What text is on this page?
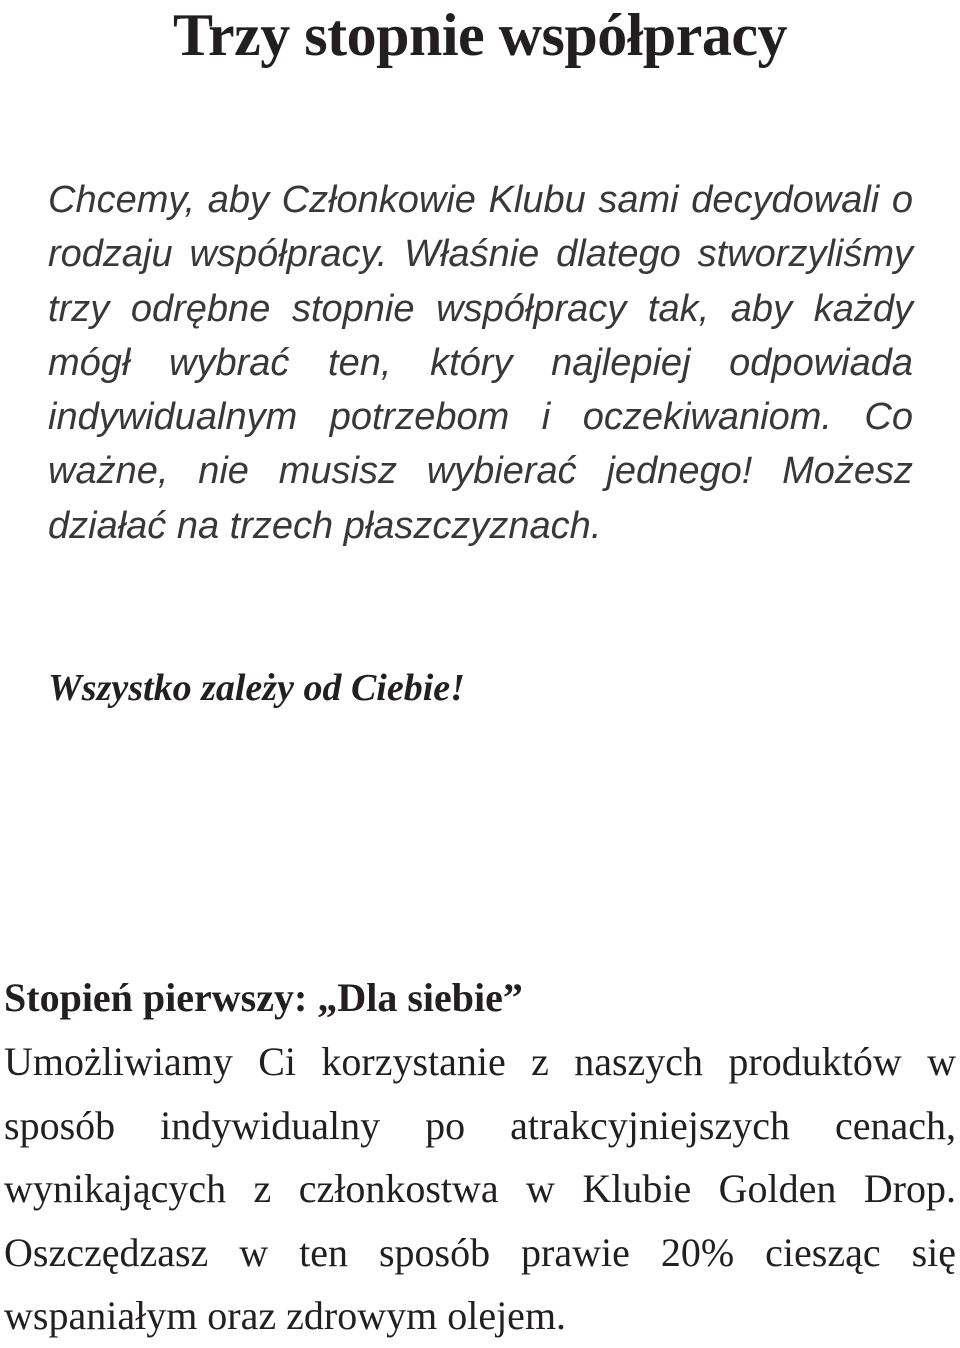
Trzy stopnie współpracy

Chcemy, aby Członkowie Klubu sami decydowali o rodzaju współpracy. Właśnie dlatego stworzyliśmy trzy odrębne stopnie współpracy tak, aby każdy mógł wybrać ten, który najlepiej odpowiada indywidualnym potrzebom i oczekiwaniom. Co ważne, nie musisz wybierać jednego! Możesz działać na trzech płaszczyznach.

Wszystko zależy od Ciebie!

Stopień pierwszy: „Dla siebie”

Umożliwiamy Ci korzystanie z naszych produktów w sposób indywidualny po atrakcyjniejszych cenach, wynikających z członkostwa w Klubie Golden Drop. Oszczędzasz w ten sposób prawie 20% ciesząc się wspaniałym oraz zdrowym olejem.
